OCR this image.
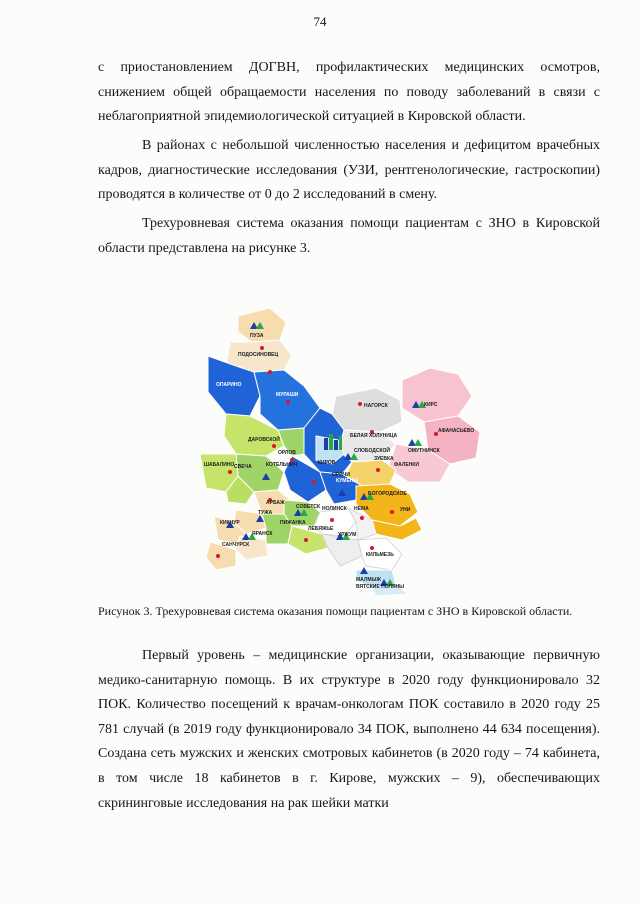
74

с приостановлением ДОГВН, профилактических медицинских осмотров, снижением общей обращаемости населения по поводу заболеваний в связи с неблагоприятной эпидемиологической ситуацией в Кировской области.

В районах с небольшой численностью населения и дефицитом врачебных кадров, диагностические исследования (УЗИ, рентгенологические, гастроскопии) проводятся в количестве от 0 до 2 исследований в смену.

Трехуровневая система оказания помощи пациентам с ЗНО в Кировской области представлена на рисунке 3.

ПУЗА
ПОДОСИНОВЕЦ
ОПАРИНО
МУРАШИ
НАГОРСК	КИРС
АФАНАСЬЕВО
БЕЛАЯ ХОЛУНИЦА
СЛОБОДСКОЙ	ОМУТНИНСК
ЗУЕВКА
ФАЛЕНКИ
ДАРОВСКОЙ
ОРЛОВ
КОТЕЛЬНИЧ
ШАБАЛИНО СВЕЧА
КИРОВ
ОРИЧИ
КУМЕНЫ
БОГОРОДСКОЕ
АРБАЖ
ТУЖА
СОВЕТСК
КИКНУР	ПИЖАНКА
НОЛИНСК НЕМА	УНИ
ЯРАНСК
ЛЕБЯЖЬЕ
УРЖУМ
САНЧУРСК
КИЛЬМЕЗЬ
МАЛМЫЖ
ВЯТСКИЕ ПОЛЯНЫ

Рисунок 3. Трехуровневая система оказания помощи пациентам с ЗНО в Кировской области.

Первый уровень – медицинские организации, оказывающие первичную медико-санитарную помощь. В их структуре в 2020 году функционировало 32 ПОК. Количество посещений к врачам-онкологам ПОК составило в 2020 году 25 781 случай (в 2019 году функционировало 34 ПОК, выполнено 44 634 посещения). Создана сеть мужских и женских смотровых кабинетов (в 2020 году – 74 кабинета, в том числе 18 кабинетов в г. Кирове, мужских – 9), обеспечивающих скрининговые исследования на рак шейки матки
